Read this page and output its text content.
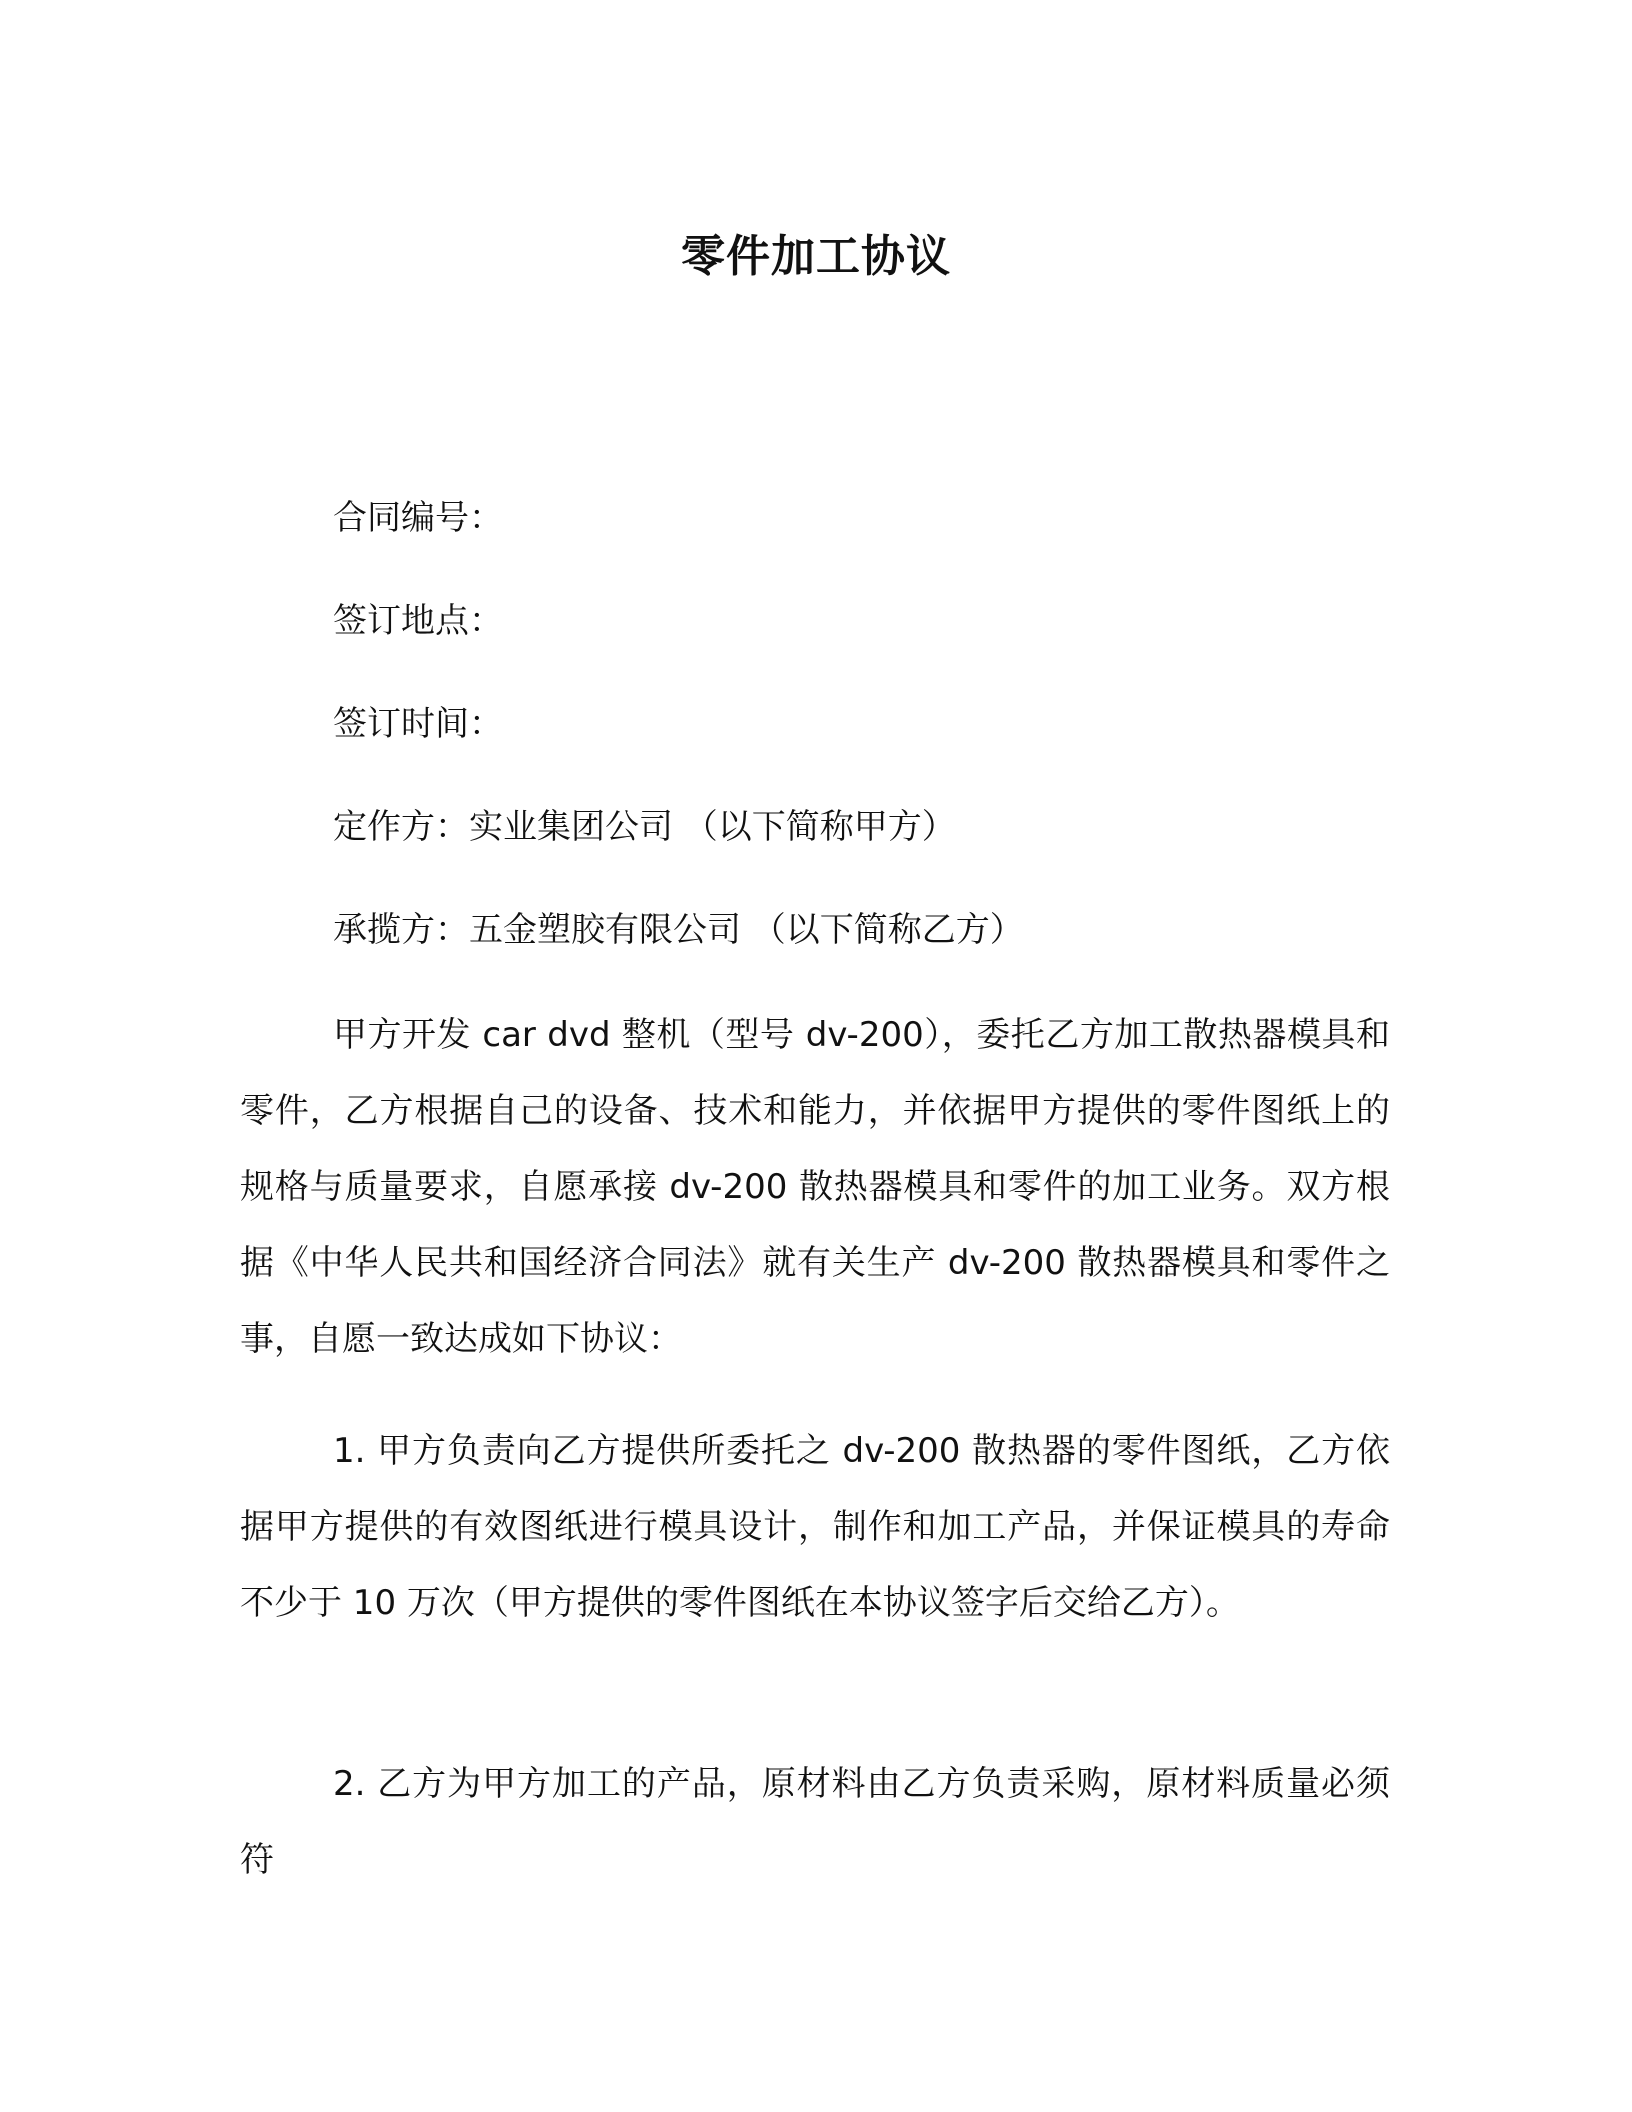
零件加工协议
合同编号：
签订地点：
签订时间：
定作方：实业集团公司 （以下简称甲方）
承揽方：五金塑胶有限公司 （以下简称乙方）

甲方开发 car dvd 整机（型号 dv-200），委托乙方加工散热器模具和零件，乙方根据自己的设备、技术和能力，并依据甲方提供的零件图纸上的规格与质量要求，自愿承接 dv-200 散热器模具和零件的加工业务。双方根据《中华人民共和国经济合同法》就有关生产 dv-200 散热器模具和零件之事，自愿一致达成如下协议：

1. 甲方负责向乙方提供所委托之 dv-200 散热器的零件图纸，乙方依据甲方提供的有效图纸进行模具设计，制作和加工产品，并保证模具的寿命不少于 10 万次（甲方提供的零件图纸在本协议签字后交给乙方）。

2. 乙方为甲方加工的产品，原材料由乙方负责采购，原材料质量必须符
